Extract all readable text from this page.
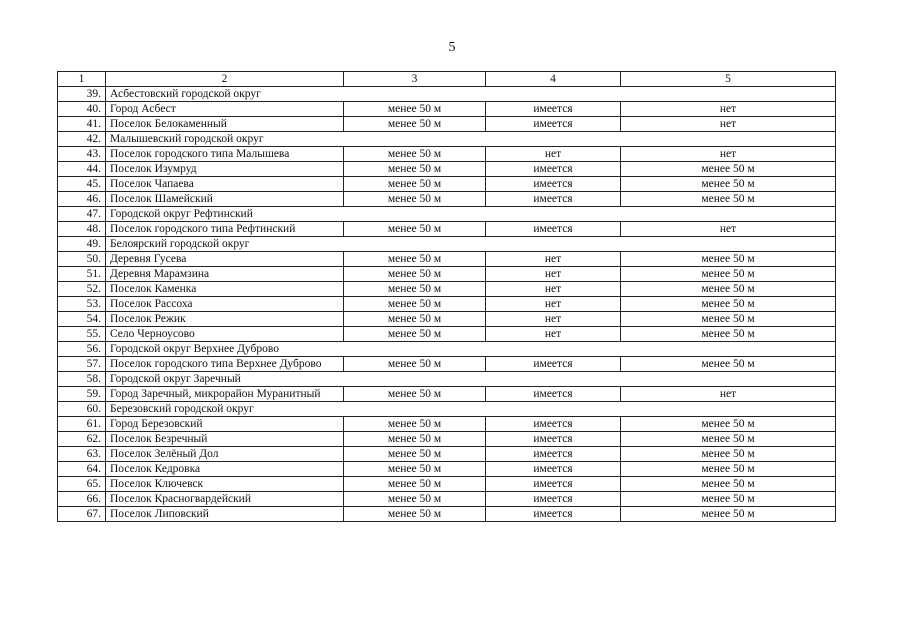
5
1	2	3	4	5
39.	Асбестовский городской округ			
40.	Город Асбест	менее 50 м	имеется	нет
41.	Поселок Белокаменный	менее 50 м	имеется	нет
42.	Малышевский городской округ			
43.	Поселок городского типа Малышева	менее 50 м	нет	нет
44.	Поселок Изумруд	менее 50 м	имеется	менее 50 м
45.	Поселок Чапаева	менее 50 м	имеется	менее 50 м
46.	Поселок Шамейский	менее 50 м	имеется	менее 50 м
47.	Городской округ Рефтинский			
48.	Поселок городского типа Рефтинский	менее 50 м	имеется	нет
49.	Белоярский городской округ			
50.	Деревня Гусева	менее 50 м	нет	менее 50 м
51.	Деревня Марамзина	менее 50 м	нет	менее 50 м
52.	Поселок Каменка	менее 50 м	нет	менее 50 м
53.	Поселок Рассоха	менее 50 м	нет	менее 50 м
54.	Поселок Режик	менее 50 м	нет	менее 50 м
55.	Село Черноусово	менее 50 м	нет	менее 50 м
56.	Городской округ Верхнее Дуброво			
57.	Поселок городского типа Верхнее Дуброво	менее 50 м	имеется	менее 50 м
58.	Городской округ Заречный			
59.	Город Заречный, микрорайон Муранитный	менее 50 м	имеется	нет
60.	Березовский городской округ			
61.	Город Березовский	менее 50 м	имеется	менее 50 м
62.	Поселок Безречный	менее 50 м	имеется	менее 50 м
63.	Поселок Зелёный Дол	менее 50 м	имеется	менее 50 м
64.	Поселок Кедровка	менее 50 м	имеется	менее 50 м
65.	Поселок Ключевск	менее 50 м	имеется	менее 50 м
66.	Поселок Красногвардейский	менее 50 м	имеется	менее 50 м
67.	Поселок Липовский	менее 50 м	имеется	менее 50 м
